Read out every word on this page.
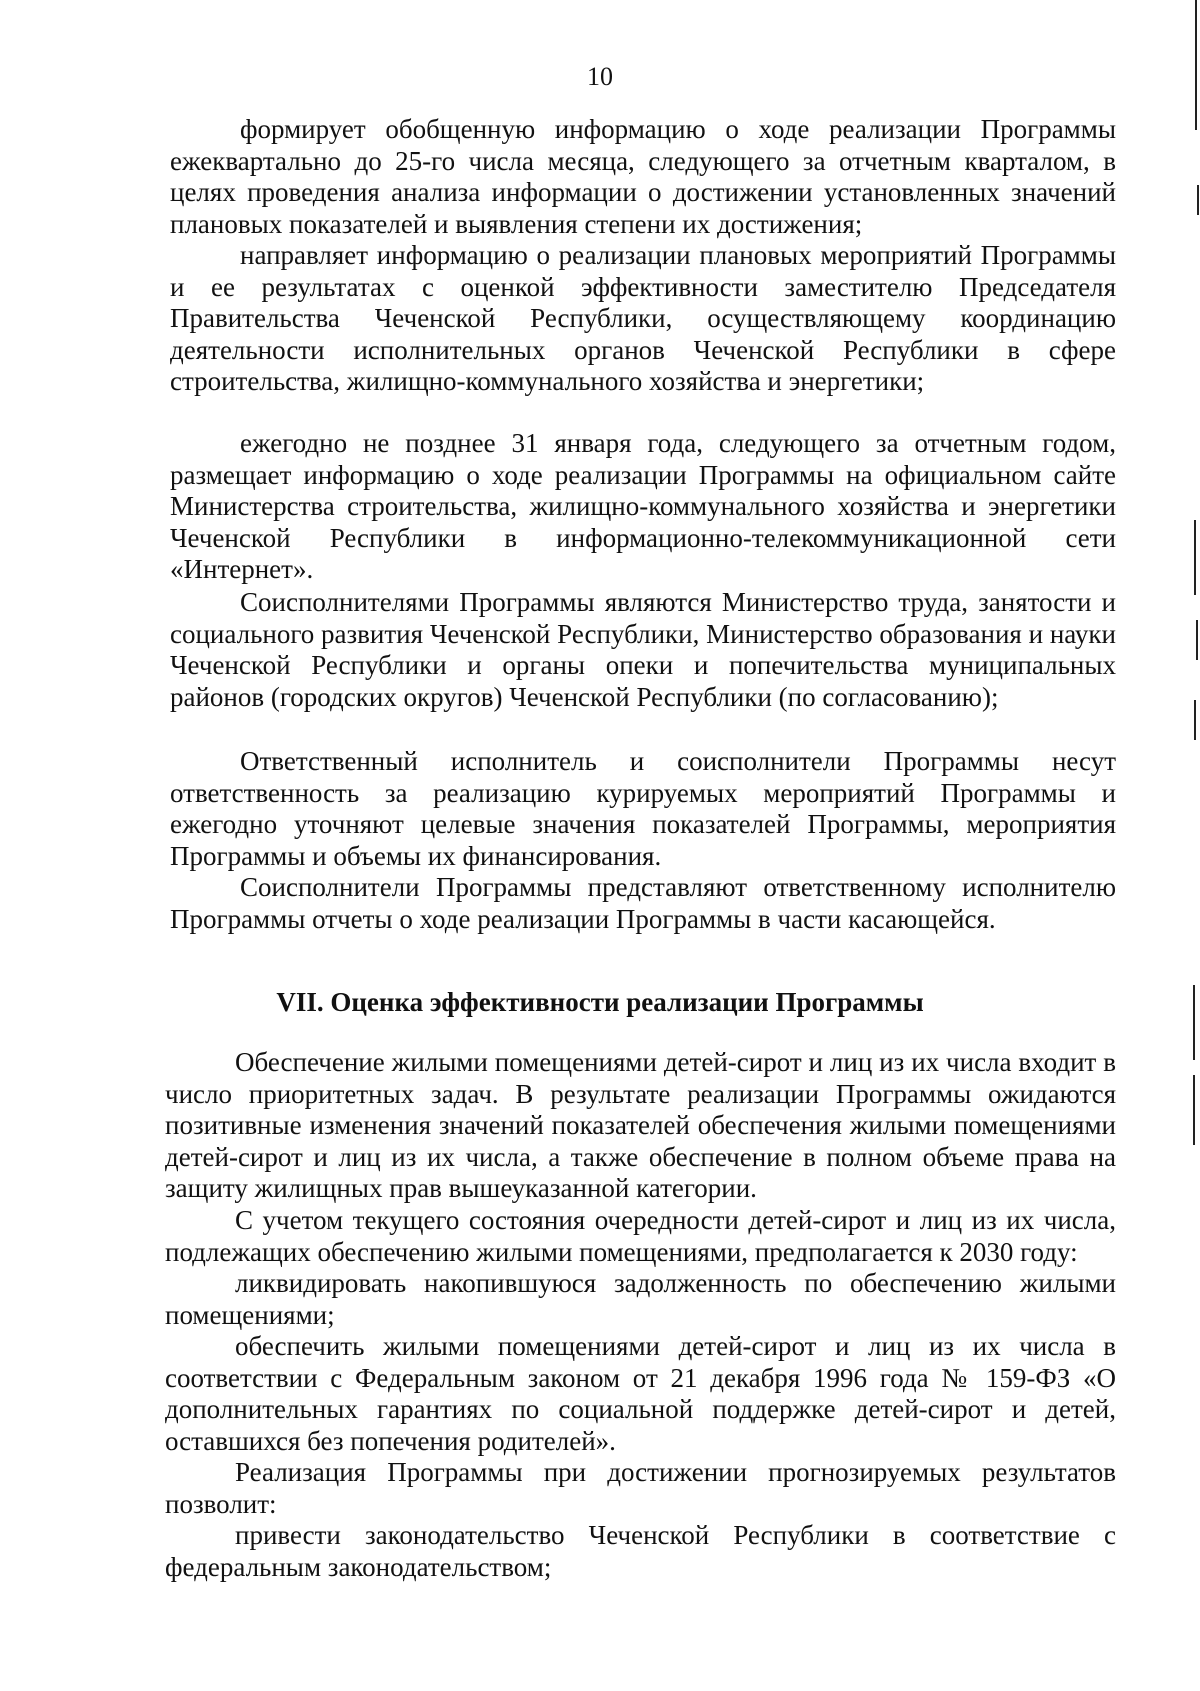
10

формирует обобщенную информацию о ходе реализации Программы ежеквартально до 25-го числа месяца, следующего за отчетным кварталом, в целях проведения анализа информации о достижении установленных значений плановых показателей и выявления степени их достижения;

направляет информацию о реализации плановых мероприятий Программы и ее результатах с оценкой эффективности заместителю Председателя Правительства Чеченской Республики, осуществляющему координацию деятельности исполнительных органов Чеченской Республики в сфере строительства, жилищно-коммунального хозяйства и энергетики;

ежегодно не позднее 31 января года, следующего за отчетным годом, размещает информацию о ходе реализации Программы на официальном сайте Министерства строительства, жилищно-коммунального хозяйства и энергетики Чеченской Республики в информационно-телекоммуникационной сети «Интернет».

Соисполнителями Программы являются Министерство труда, занятости и социального развития Чеченской Республики, Министерство образования и науки Чеченской Республики и органы опеки и попечительства муниципальных районов (городских округов) Чеченской Республики (по согласованию);

Ответственный исполнитель и соисполнители Программы несут ответственность за реализацию курируемых мероприятий Программы и ежегодно уточняют целевые значения показателей Программы, мероприятия Программы и объемы их финансирования.

Соисполнители Программы представляют ответственному исполнителю Программы отчеты о ходе реализации Программы в части касающейся.

VII. Оценка эффективности реализации Программы

Обеспечение жилыми помещениями детей-сирот и лиц из их числа входит в число приоритетных задач. В результате реализации Программы ожидаются позитивные изменения значений показателей обеспечения жилыми помещениями детей-сирот и лиц из их числа, а также обеспечение в полном объеме права на защиту жилищных прав вышеуказанной категории.

С учетом текущего состояния очередности детей-сирот и лиц из их числа, подлежащих обеспечению жилыми помещениями, предполагается к 2030 году:

ликвидировать накопившуюся задолженность по обеспечению жилыми помещениями;

обеспечить жилыми помещениями детей-сирот и лиц из их числа в соответствии с Федеральным законом от 21 декабря 1996 года № 159-ФЗ «О дополнительных гарантиях по социальной поддержке детей-сирот и детей, оставшихся без попечения родителей».

Реализация Программы при достижении прогнозируемых результатов позволит:

привести законодательство Чеченской Республики в соответствие с федеральным законодательством;
